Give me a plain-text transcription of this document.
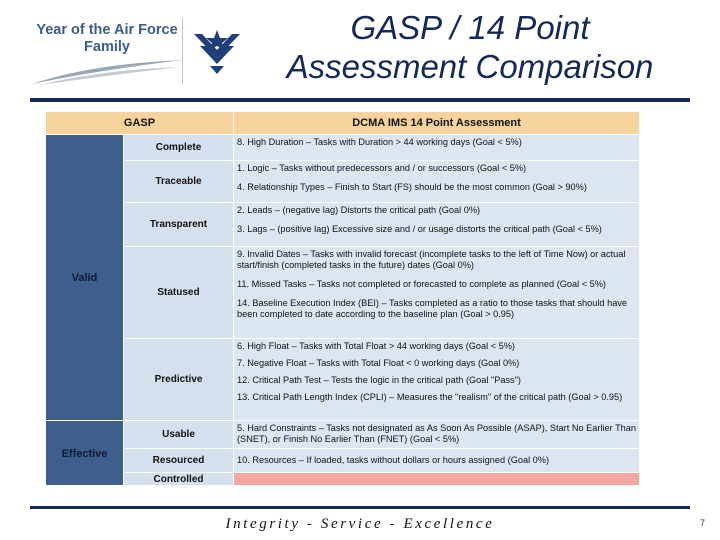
Year of the Air Force
Family
GASP / 14 Point
Assessment Comparison
GASP		DCMA IMS 14 Point Assessment
Valid	Complete	8. High Duration – Tasks with Duration > 44 working days (Goal < 5%)

	Traceable	1. Logic – Tasks without predecessors and / or successors (Goal < 5%)
4. Relationship Types – Finish to Start (FS) should be the most common (Goal > 90%)

	Transparent	2. Leads – (negative lag) Distorts the critical path (Goal 0%)
3. Lags – (positive lag) Excessive size and / or usage distorts the critical path (Goal < 5%)

	Statused	9. Invalid Dates – Tasks with invalid forecast (incomplete tasks to the left of Time Now) or actual start/finish (completed tasks in the future) dates (Goal 0%)
11. Missed Tasks – Tasks not completed or forecasted to complete as planned (Goal < 5%)
14. Baseline Execution Index (BEI) – Tasks completed as a ratio to those tasks that should have been completed to date according to the baseline plan (Goal > 0.95)

	Predictive	6. High Float – Tasks with Total Float > 44 working days (Goal < 5%)
7. Negative Float – Tasks with Total Float < 0 working days (Goal 0%)
12. Critical Path Test – Tests the logic in the critical path (Goal "Pass")
13. Critical Path Length Index (CPLI) – Measures the "realism" of the critical path (Goal > 0.95)

Effective	Usable	5. Hard Constraints – Tasks not designated as As Soon As Possible (ASAP), Start No Earlier Than (SNET), or Finish No Earlier Than (FNET) (Goal < 5%)

	Resourced	10. Resources – If loaded, tasks without dollars or hours assigned (Goal 0%)

	Controlled	
Integrity - Service - Excellence	7
